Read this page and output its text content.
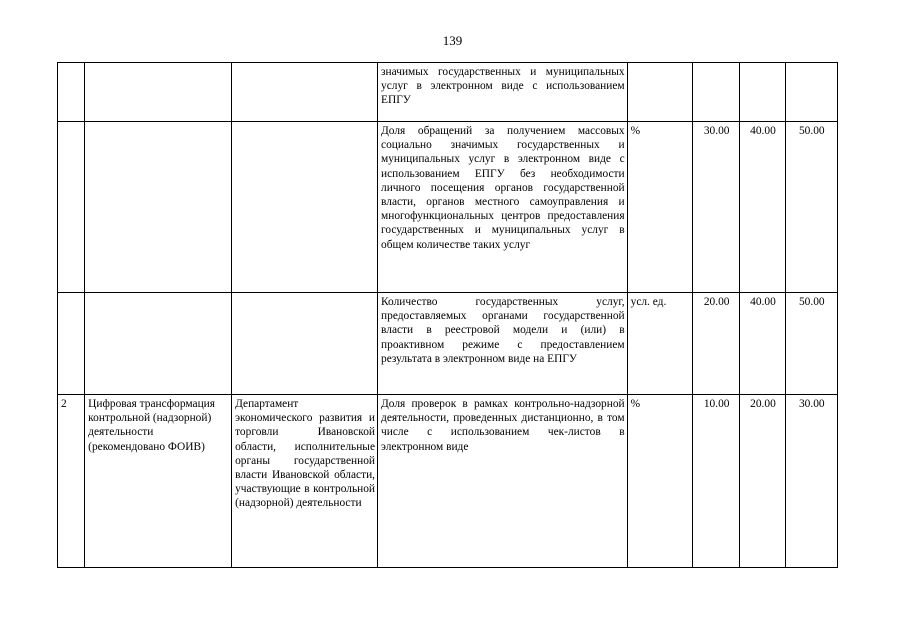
139
			значимых государственных и муниципальных услуг в электронном виде с использованием ЕПГУ				
			Доля обращений за получением массовых социально значимых государственных и муниципальных услуг в электронном виде с использованием ЕПГУ без необходимости личного посещения органов государственной власти, органов местного самоуправления и многофункциональных центров предоставления государственных и муниципальных услуг в общем количестве таких услуг	%	30.00	40.00	50.00
			Количество государственных услуг, предоставляемых органами государственной власти в реестровой модели и (или) в проактивном режиме с предоставлением результата в электронном виде на ЕПГУ	усл. ед.	20.00	40.00	50.00
2	Цифровая трансформация контрольной (надзорной) деятельности (рекомендовано ФОИВ)	Департамент экономического развития и торговли Ивановской области, исполнительные органы государственной власти Ивановской области, участвующие в контрольной (надзорной) деятельности	Доля проверок в рамках контрольно-надзорной деятельности, проведенных дистанционно, в том числе с использованием чек-листов в электронном виде	%	10.00	20.00	30.00
